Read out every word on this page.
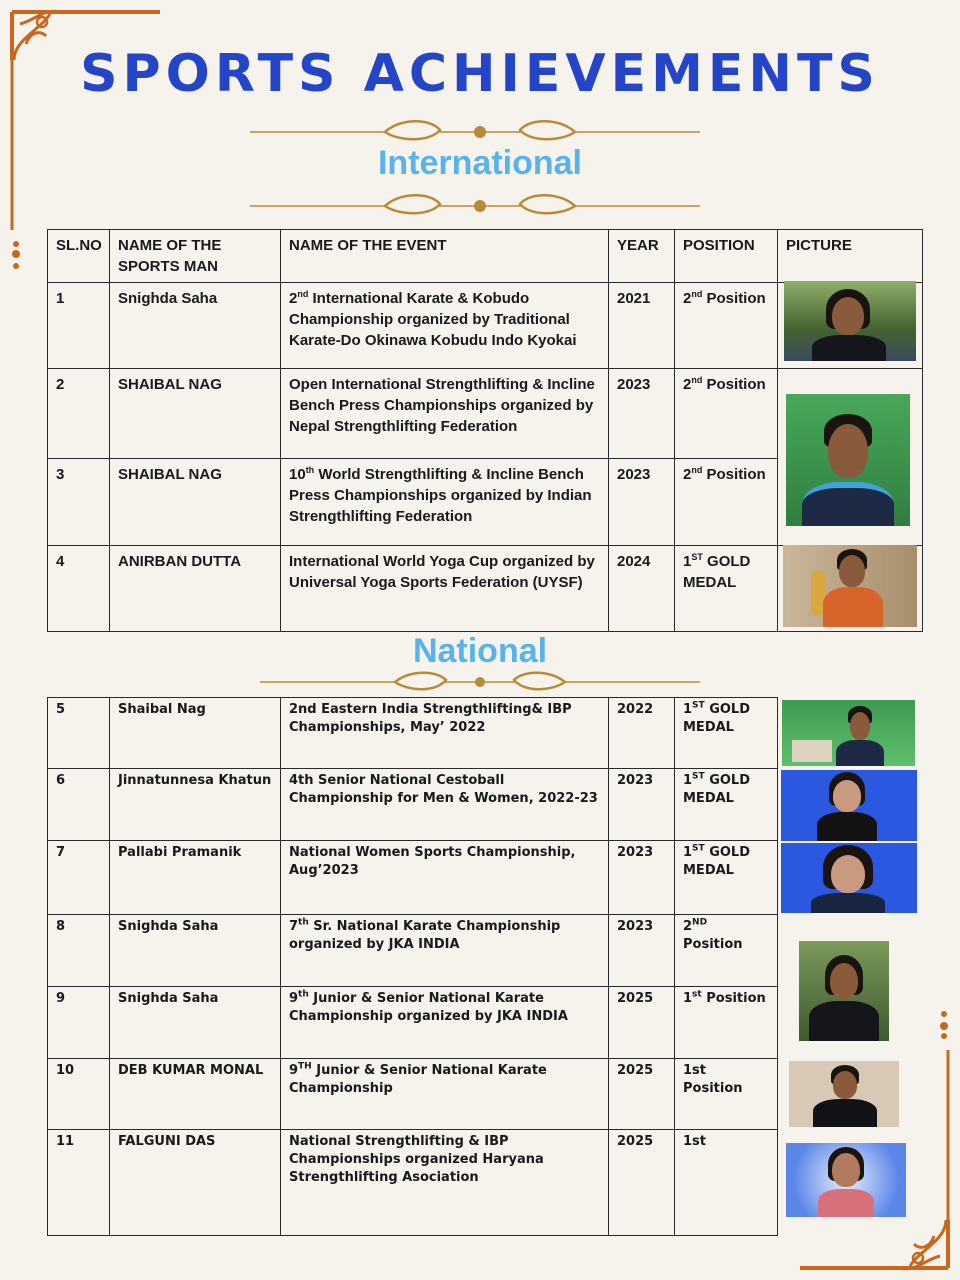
SPORTS ACHIEVEMENTS
International
SL.NO	NAME OF THE SPORTS MAN	NAME OF THE EVENT	YEAR	POSITION	PICTURE
1	Snighda Saha	2nd International Karate & Kobudo Championship organized by Traditional Karate-Do Okinawa Kobudu Indo Kyokai	2021	2nd Position	
2	SHAIBAL NAG	Open International Strengthlifting & Incline Bench Press Championships organized by Nepal Strengthlifting Federation	2023	2nd Position	
3	SHAIBAL NAG	10th World Strengthlifting & Incline Bench Press Championships organized by Indian Strengthlifting Federation	2023	2nd Position	
4	ANIRBAN DUTTA	International World Yoga Cup organized by Universal Yoga Sports Federation (UYSF)	2024	1ST GOLD MEDAL	
National
5	Shaibal Nag	2nd Eastern India Strengthlifting& IBP Championships, May’ 2022	2022	1ST GOLD MEDAL	
6	Jinnatunnesa Khatun	4th Senior National Cestoball Championship for Men & Women, 2022-23	2023	1ST GOLD MEDAL	
7	Pallabi Pramanik	National Women Sports Championship, Aug’2023	2023	1ST GOLD MEDAL	
8	Snighda Saha	7th Sr. National Karate Championship organized by JKA INDIA	2023	2ND Position	
9	Snighda Saha	9th Junior & Senior National Karate Championship organized by JKA INDIA	2025	1st Position	
10	DEB KUMAR MONAL	9TH Junior & Senior National Karate Championship	2025	1st Position	
11	FALGUNI DAS	National Strengthlifting & IBP Championships organized Haryana Strengthlifting Asociation	2025	1st	
